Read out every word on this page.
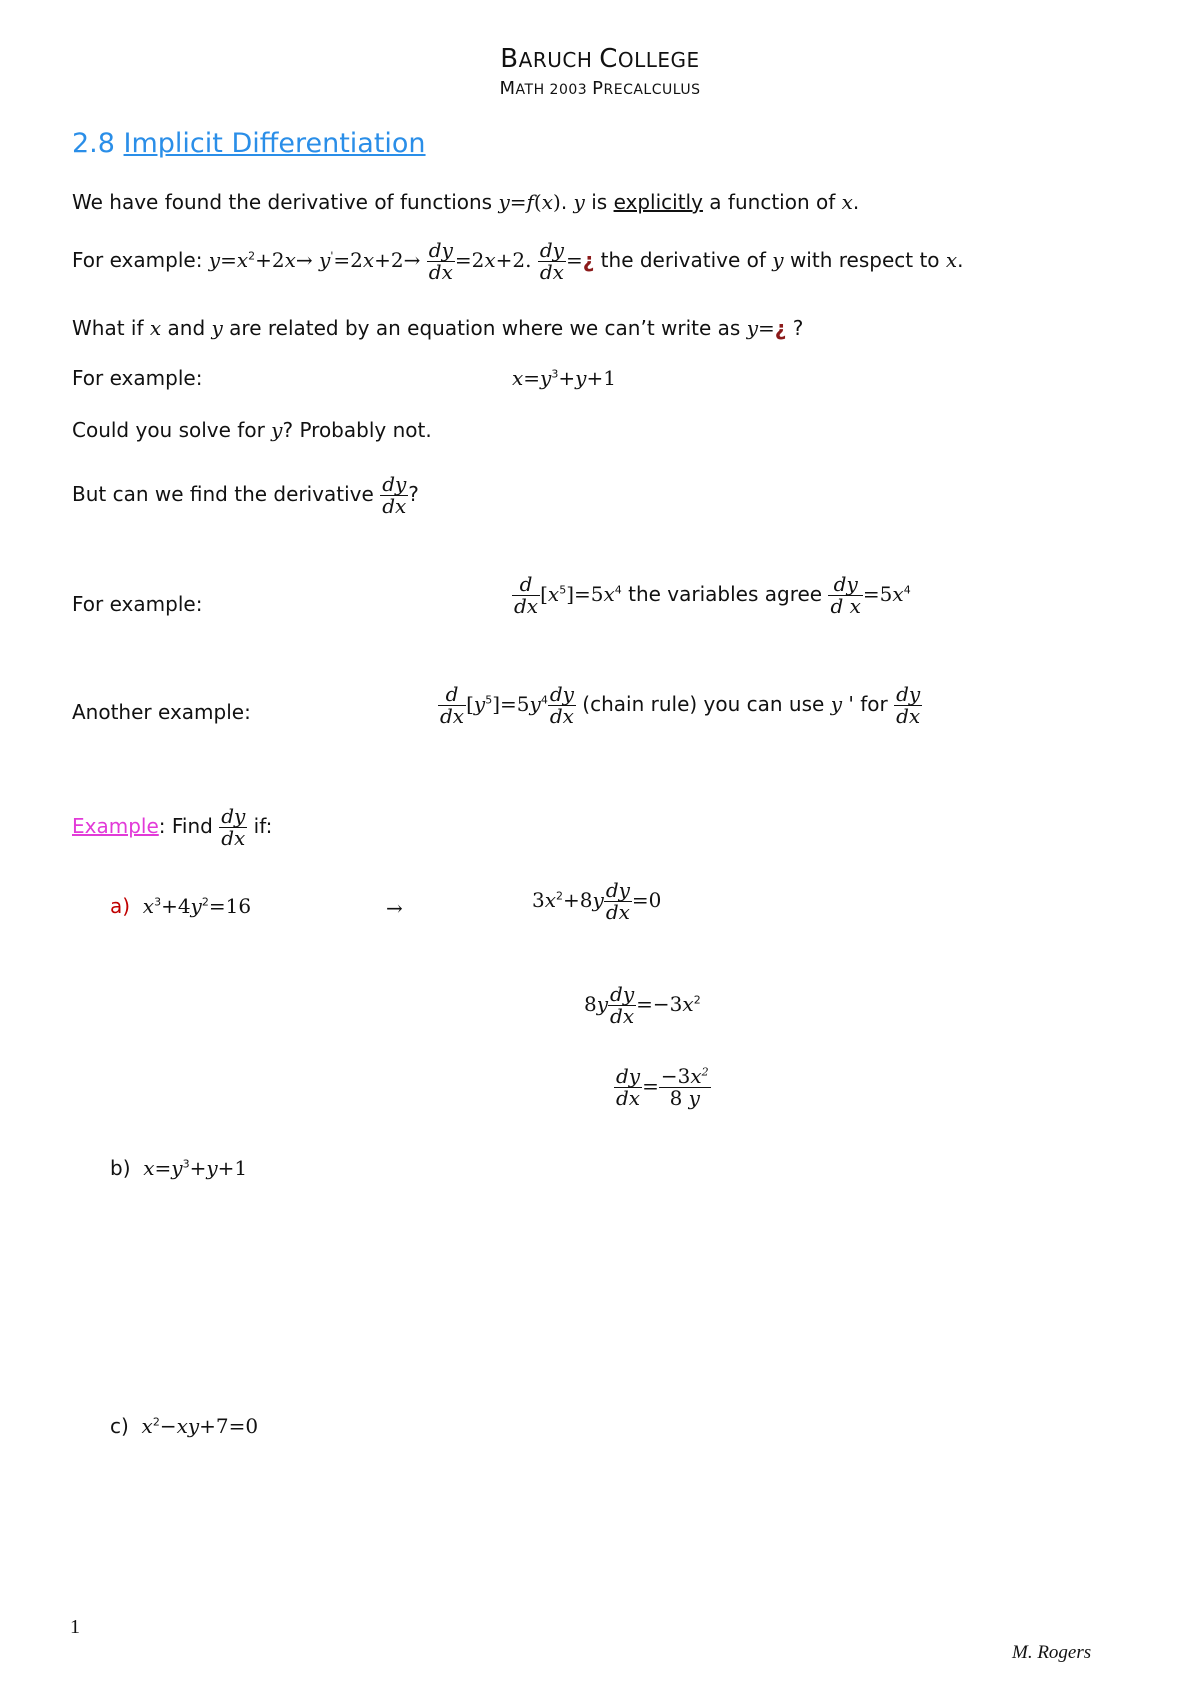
BARUCH COLLEGE
MATH 2003 PRECALCULUS
2.8 Implicit Differentiation
We have found the derivative of functions y=f(x). y is explicitly a function of x.
For example: $y=x^2+2x\to y'=2x+2\to \frac{dy}{dx} =2x+2$. $\frac{dy}{dx}$ =¿ the derivative of y with respect to x.
What if x and y are related by an equation where we can’t write as y=¿ ?
For example:	$x=y^3+y+1$
Could you solve for y? Probably not.
But can we find the derivative $\frac{dy}{dx}$ ?
For example:	$\frac{d}{dx} [x^5]=5x^4$ the variables agree $\frac{dy}{\text{d x}} =5x^4$
Another example:	$\frac{d}{dx} [y^5]=5y^4 \frac{dy}{dx}$ (chain rule) you can use y ' for $\frac{dy}{dx}$
Example: Find $\frac{dy}{dx}$ if:
a) $x^3+4y^2=16$	→	$3x^2+8y \frac{dy}{dx} =0$
$8y \frac{dy}{dx} =-3x^2$
$\frac{dy}{dx} = \frac{-3x^2}{8 y}$
b) $x=y^3+y+1$
c) $x^2-xy+7=0$
1
M. Rogers
